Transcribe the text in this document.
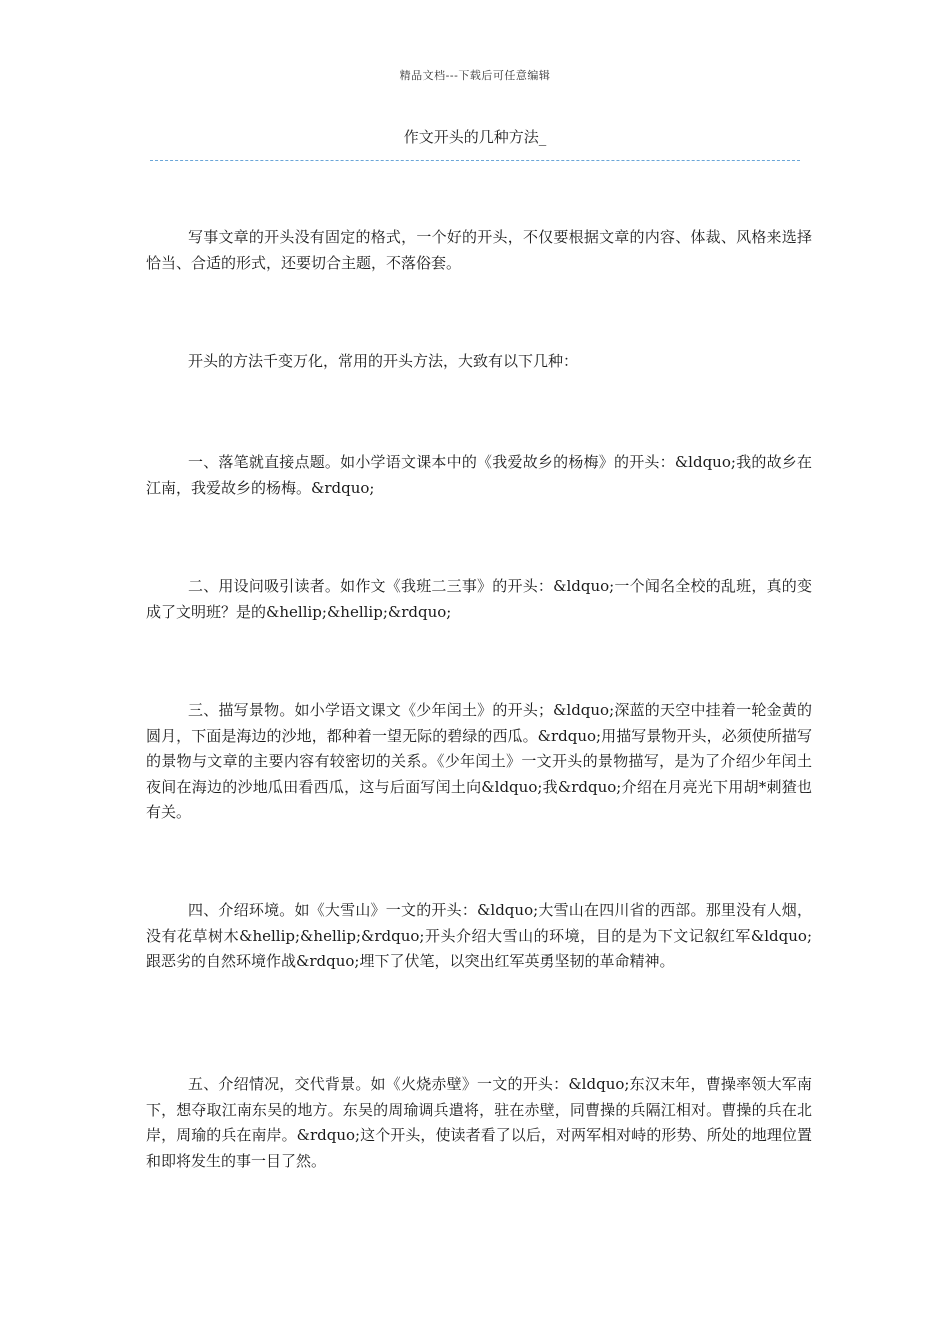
精品文档---下载后可任意编辑
作文开头的几种方法_

写事文章的开头没有固定的格式，一个好的开头，不仅要根据文章的内容、体裁、风格来选择恰当、合适的形式，还要切合主题，不落俗套。

开头的方法千变万化，常用的开头方法，大致有以下几种：

一、落笔就直接点题。如小学语文课本中的《我爱故乡的杨梅》的开头：&ldquo;我的故乡在江南，我爱故乡的杨梅。&rdquo;

二、用设问吸引读者。如作文《我班二三事》的开头：&ldquo;一个闻名全校的乱班，真的变成了文明班？是的&hellip;&hellip;&rdquo;

三、描写景物。如小学语文课文《少年闰土》的开头；&ldquo;深蓝的天空中挂着一轮金黄的圆月，下面是海边的沙地，都种着一望无际的碧绿的西瓜。&rdquo;用描写景物开头，必须使所描写的景物与文章的主要内容有较密切的关系。《少年闰土》一文开头的景物描写，是为了介绍少年闰土夜间在海边的沙地瓜田看西瓜，这与后面写闰土向&ldquo;我&rdquo;介绍在月亮光下用胡*刺猹也有关。

四、介绍环境。如《大雪山》一文的开头：&ldquo;大雪山在四川省的西部。那里没有人烟，没有花草树木&hellip;&hellip;&rdquo;开头介绍大雪山的环境，目的是为下文记叙红军&ldquo;跟恶劣的自然环境作战&rdquo;埋下了伏笔，以突出红军英勇坚韧的革命精神。

五、介绍情况，交代背景。如《火烧赤壁》一文的开头：&ldquo;东汉末年，曹操率领大军南下，想夺取江南东吴的地方。东吴的周瑜调兵遣将，驻在赤壁，同曹操的兵隔江相对。曹操的兵在北岸，周瑜的兵在南岸。&rdquo;这个开头，使读者看了以后，对两军相对峙的形势、所处的地理位置和即将发生的事一目了然。
